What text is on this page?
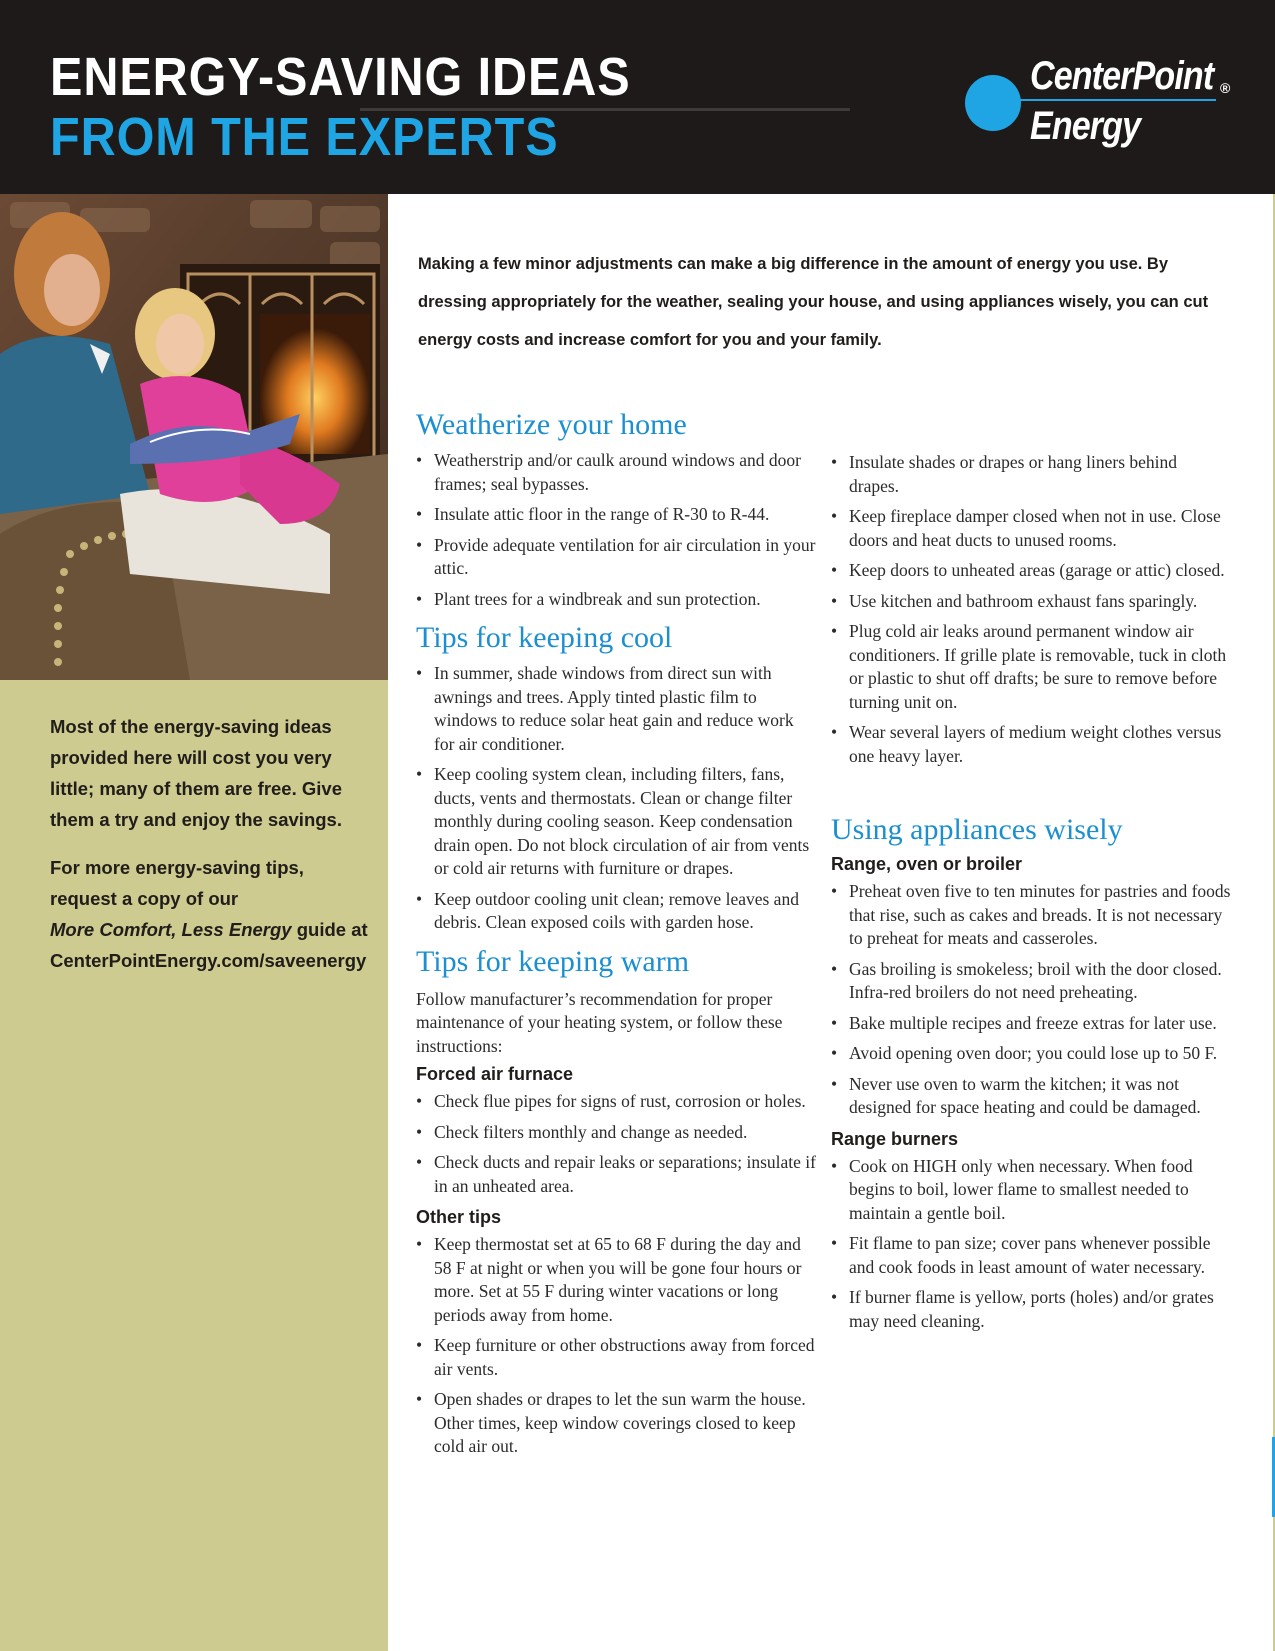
ENERGY-SAVING IDEAS
FROM THE EXPERTS
CenterPoint ®
Energy

Most of the energy-saving ideas provided here will cost you very little; many of them are free. Give them a try and enjoy the savings.

For more energy-saving tips, request a copy of our
More Comfort, Less Energy guide at
CenterPointEnergy.com/saveenergy

Making a few minor adjustments can make a big difference in the amount of energy you use. By dressing appropriately for the weather, sealing your house, and using appliances wisely, you can cut energy costs and increase comfort for you and your family.

Weatherize your home
• Weatherstrip and/or caulk around windows and door frames; seal bypasses.
• Insulate attic floor in the range of R-30 to R-44.
• Provide adequate ventilation for air circulation in your attic.
• Plant trees for a windbreak and sun protection.
Tips for keeping cool
• In summer, shade windows from direct sun with awnings and trees. Apply tinted plastic film to windows to reduce solar heat gain and reduce work for air conditioner.
• Keep cooling system clean, including filters, fans, ducts, vents and thermostats. Clean or change filter monthly during cooling season. Keep condensation drain open. Do not block circulation of air from vents or cold air returns with furniture or drapes.
• Keep outdoor cooling unit clean; remove leaves and debris. Clean exposed coils with garden hose.
Tips for keeping warm

Follow manufacturer’s recommendation for proper maintenance of your heating system, or follow these instructions:

Forced air furnace
• Check flue pipes for signs of rust, corrosion or holes.
• Check filters monthly and change as needed.
• Check ducts and repair leaks or separations; insulate if in an unheated area.
Other tips
• Keep thermostat set at 65 to 68 F during the day and 58 F at night or when you will be gone four hours or more. Set at 55 F during winter vacations or long periods away from home.
• Keep furniture or other obstructions away from forced air vents.
• Open shades or drapes to let the sun warm the house. Other times, keep window coverings closed to keep cold air out.
• Insulate shades or drapes or hang liners behind drapes.
• Keep fireplace damper closed when not in use. Close doors and heat ducts to unused rooms.
• Keep doors to unheated areas (garage or attic) closed.
• Use kitchen and bathroom exhaust fans sparingly.
• Plug cold air leaks around permanent window air conditioners. If grille plate is removable, tuck in cloth or plastic to shut off drafts; be sure to remove before turning unit on.
• Wear several layers of medium weight clothes versus one heavy layer.
Using appliances wisely
Range, oven or broiler
• Preheat oven five to ten minutes for pastries and foods that rise, such as cakes and breads. It is not necessary to preheat for meats and casseroles.
• Gas broiling is smokeless; broil with the door closed. Infra-red broilers do not need preheating.
• Bake multiple recipes and freeze extras for later use.
• Avoid opening oven door; you could lose up to 50 F.
• Never use oven to warm the kitchen; it was not designed for space heating and could be damaged.
Range burners
• Cook on HIGH only when necessary. When food begins to boil, lower flame to smallest needed to maintain a gentle boil.
• Fit flame to pan size; cover pans whenever possible and cook foods in least amount of water necessary.
• If burner flame is yellow, ports (holes) and/or grates may need cleaning.
